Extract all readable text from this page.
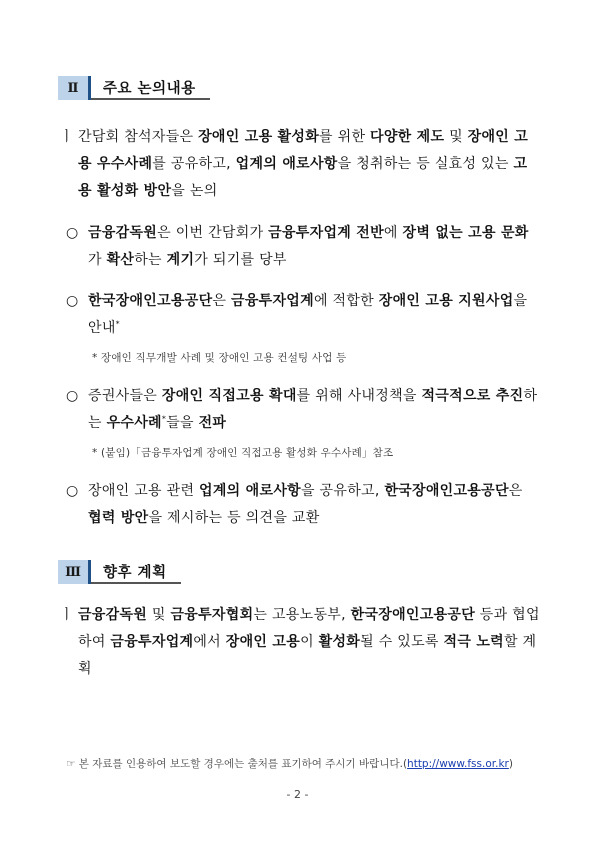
Ⅱ	주요 논의내용
ㅣ 간담회 참석자들은 장애인 고용 활성화를 위한 다양한 제도 및 장애인 고용 우수사례를 공유하고, 업계의 애로사항을 청취하는 등 실효성 있는 고용 활성화 방안을 논의
○ 금융감독원은 이번 간담회가 금융투자업계 전반에 장벽 없는 고용 문화가 확산하는 계기가 되기를 당부
○ 한국장애인고용공단은 금융투자업계에 적합한 장애인 고용 지원사업을 안내*
* 장애인 직무개발 사례 및 장애인 고용 컨설팅 사업 등
○ 증권사들은 장애인 직접고용 확대를 위해 사내정책을 적극적으로 추진하는 우수사례*들을 전파
* (붙임)「금융투자업계 장애인 직접고용 활성화 우수사례」참조
○ 장애인 고용 관련 업계의 애로사항을 공유하고, 한국장애인고용공단은 협력 방안을 제시하는 등 의견을 교환
Ⅲ	향후 계획
ㅣ 금융감독원 및 금융투자협회는 고용노동부, 한국장애인고용공단 등과 협업하여 금융투자업계에서 장애인 고용이 활성화될 수 있도록 적극 노력할 계획
☞ 본 자료를 인용하여 보도할 경우에는 출처를 표기하여 주시기 바랍니다.(http://www.fss.or.kr)
- 2 -
